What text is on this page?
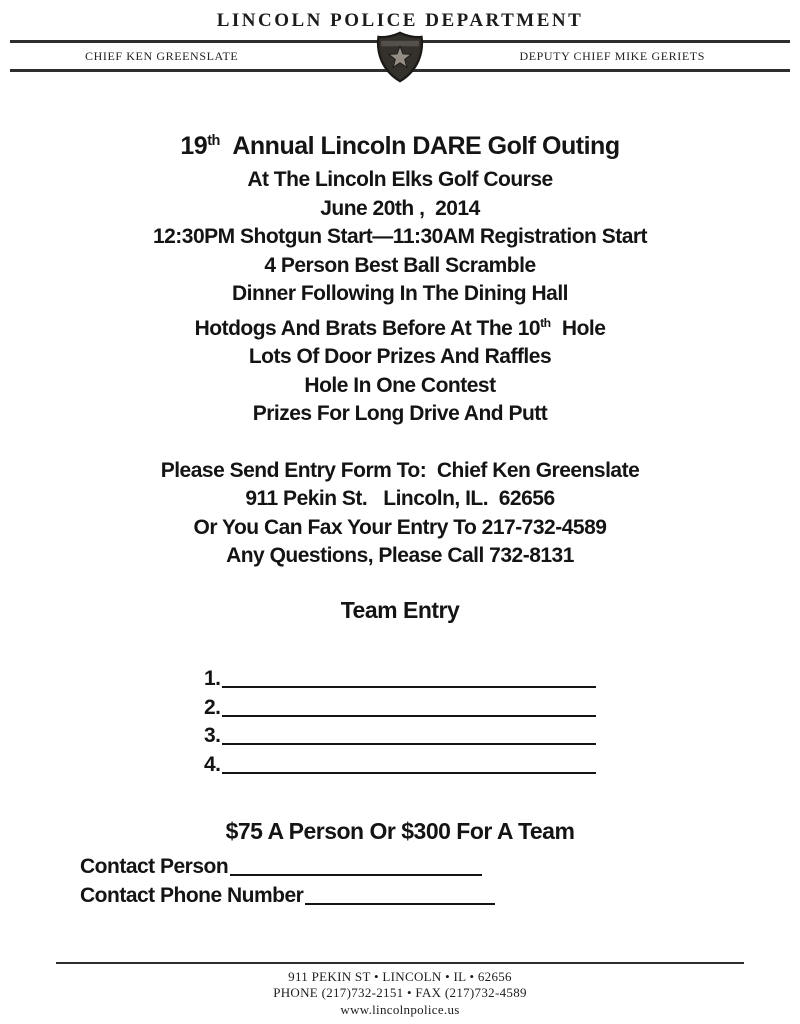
LINCOLN POLICE DEPARTMENT
CHIEF KEN GREENSLATE	DEPUTY CHIEF MIKE GERIETS
19th Annual Lincoln DARE Golf Outing
At The Lincoln Elks Golf Course
June 20th ,  2014
12:30PM Shotgun Start—11:30AM Registration Start
4 Person Best Ball Scramble
Dinner Following In The Dining Hall
Hotdogs And Brats Before At The 10th Hole
Lots Of Door Prizes And Raffles
Hole In One Contest
Prizes For Long Drive And Putt
Please Send Entry Form To:  Chief Ken Greenslate
911 Pekin St.   Lincoln, IL.  62656
Or You Can Fax Your Entry To 217-732-4589
Any Questions, Please Call 732-8131
Team Entry
1.
2.
3.
4.
$75 A Person Or $300 For A Team
Contact Person
Contact Phone Number
911 PEKIN ST • LINCOLN • IL • 62656
PHONE (217)732-2151 • FAX (217)732-4589
www.lincolnpolice.us
